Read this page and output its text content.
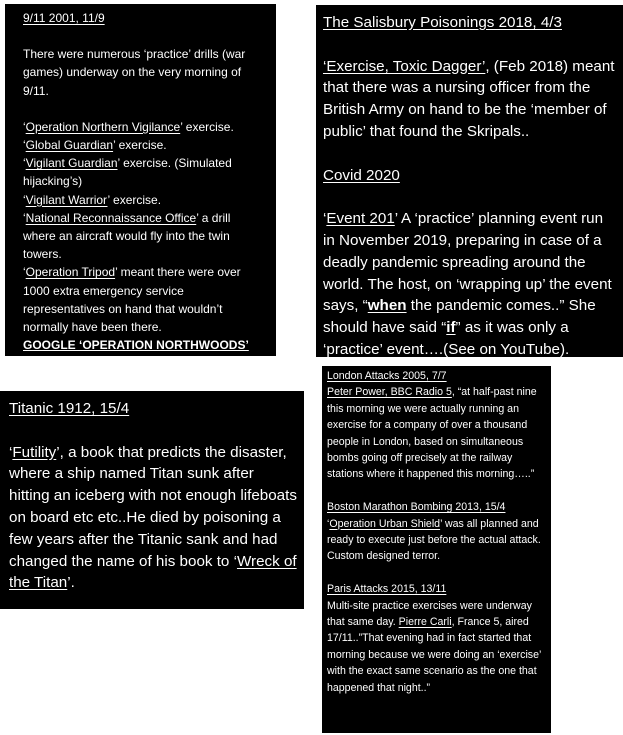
9/11 2001, 11/9

There were numerous ‘practice’ drills (war games) underway on the very morning of 9/11.

‘Operation Northern Vigilance’ exercise.

‘Global Guardian’ exercise.

‘Vigilant Guardian’ exercise. (Simulated hijacking’s)

‘Vigilant Warrior’ exercise.

‘National Reconnaissance Office’ a drill where an aircraft would fly into the twin towers.

‘Operation Tripod’ meant there were over 1000 extra emergency service representatives on hand that wouldn’t normally have been there.

GOOGLE ‘OPERATION NORTHWOODS’

The Salisbury Poisonings 2018, 4/3

‘Exercise, Toxic Dagger’, (Feb 2018) meant that there was a nursing officer from the British Army on hand to be the ‘member of public’ that found the Skripals..

Covid 2020

‘Event 201’ A ‘practice’ planning event run in November 2019, preparing in case of a deadly pandemic spreading around the world. The host, on ‘wrapping up’ the event says, “when the pandemic comes..” She should have said “if” as it was only a ‘practice’ event….(See on YouTube).

Titanic 1912, 15/4

‘Futility’, a book that predicts the disaster, where a ship named Titan sunk after hitting an iceberg with not enough lifeboats on board etc etc..He died by poisoning a few years after the Titanic sank and had changed the name of his book to ‘Wreck of the Titan’.

London Attacks 2005, 7/7

Peter Power, BBC Radio 5, “at half-past nine this morning we were actually running an exercise for a company of over a thousand people in London, based on simultaneous bombs going off precisely at the railway stations where it happened this morning…..”

Boston Marathon Bombing 2013, 15/4

‘Operation Urban Shield’ was all planned and ready to execute just before the actual attack. Custom designed terror.

Paris Attacks 2015, 13/11

Multi-site practice exercises were underway that same day. Pierre Carli, France 5, aired 17/11..”That evening had in fact started that morning because we were doing an ‘exercise’ with the exact same scenario as the one that happened that night..”
